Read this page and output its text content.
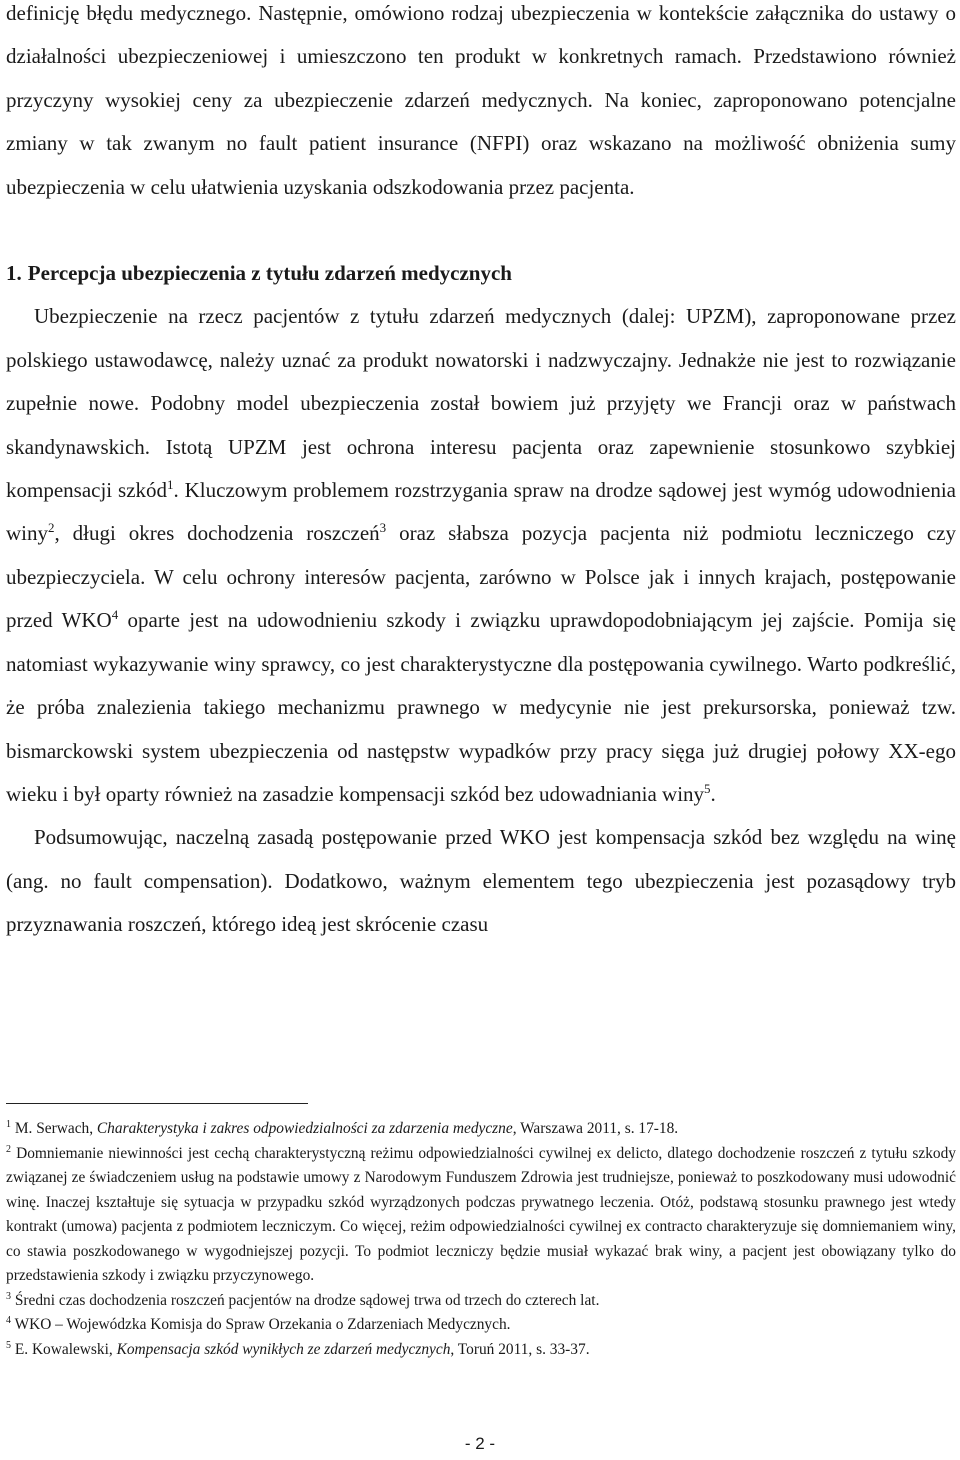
definicję błędu medycznego. Następnie, omówiono rodzaj ubezpieczenia w kontekście załącznika do ustawy o działalności ubezpieczeniowej i umieszczono ten produkt w konkretnych ramach. Przedstawiono również przyczyny wysokiej ceny za ubezpieczenie zdarzeń medycznych. Na koniec, zaproponowano potencjalne zmiany w tak zwanym no fault patient insurance (NFPI) oraz wskazano na możliwość obniżenia sumy ubezpieczenia w celu ułatwienia uzyskania odszkodowania przez pacjenta.

1. Percepcja ubezpieczenia z tytułu zdarzeń medycznych

Ubezpieczenie na rzecz pacjentów z tytułu zdarzeń medycznych (dalej: UPZM), zaproponowane przez polskiego ustawodawcę, należy uznać za produkt nowatorski i nadzwyczajny. Jednakże nie jest to rozwiązanie zupełnie nowe. Podobny model ubezpieczenia został bowiem już przyjęty we Francji oraz w państwach skandynawskich. Istotą UPZM jest ochrona interesu pacjenta oraz zapewnienie stosunkowo szybkiej kompensacji szkód$^1$. Kluczowym problemem rozstrzygania spraw na drodze sądowej jest wymóg udowodnienia winy$^2$, długi okres dochodzenia roszczeń$^3$ oraz słabsza pozycja pacjenta niż podmiotu leczniczego czy ubezpieczyciela. W celu ochrony interesów pacjenta, zarówno w Polsce jak i innych krajach, postępowanie przed WKO$^4$ oparte jest na udowodnieniu szkody i związku uprawdopodobniającym jej zajście. Pomija się natomiast wykazywanie winy sprawcy, co jest charakterystyczne dla postępowania cywilnego. Warto podkreślić, że próba znalezienia takiego mechanizmu prawnego w medycynie nie jest prekursorska, ponieważ tzw. bismarckowski system ubezpieczenia od następstw wypadków przy pracy sięga już drugiej połowy XX-ego wieku i był oparty również na zasadzie kompensacji szkód bez udowadniania winy$^5$.

Podsumowując, naczelną zasadą postępowanie przed WKO jest kompensacja szkód bez względu na winę (ang. no fault compensation). Dodatkowo, ważnym elementem tego ubezpieczenia jest pozasądowy tryb przyznawania roszczeń, którego ideą jest skrócenie czasu

$^1$ M. Serwach, Charakterystyka i zakres odpowiedzialności za zdarzenia medyczne, Warszawa 2011, s. 17-18.

$^2$ Domniemanie niewinności jest cechą charakterystyczną reżimu odpowiedzialności cywilnej ex delicto, dlatego dochodzenie roszczeń z tytułu szkody związanej ze świadczeniem usług na podstawie umowy z Narodowym Funduszem Zdrowia jest trudniejsze, ponieważ to poszkodowany musi udowodnić winę. Inaczej kształtuje się sytuacja w przypadku szkód wyrządzonych podczas prywatnego leczenia. Otóż, podstawą stosunku prawnego jest wtedy kontrakt (umowa) pacjenta z podmiotem leczniczym. Co więcej, reżim odpowiedzialności cywilnej ex contracto charakteryzuje się domniemaniem winy, co stawia poszkodowanego w wygodniejszej pozycji. To podmiot leczniczy będzie musiał wykazać brak winy, a pacjent jest obowiązany tylko do przedstawienia szkody i związku przyczynowego.

$^3$ Średni czas dochodzenia roszczeń pacjentów na drodze sądowej trwa od trzech do czterech lat.

$^4$ WKO – Wojewódzka Komisja do Spraw Orzekania o Zdarzeniach Medycznych.

$^5$ E. Kowalewski, Kompensacja szkód wynikłych ze zdarzeń medycznych, Toruń 2011, s. 33-37.

- 2 -
